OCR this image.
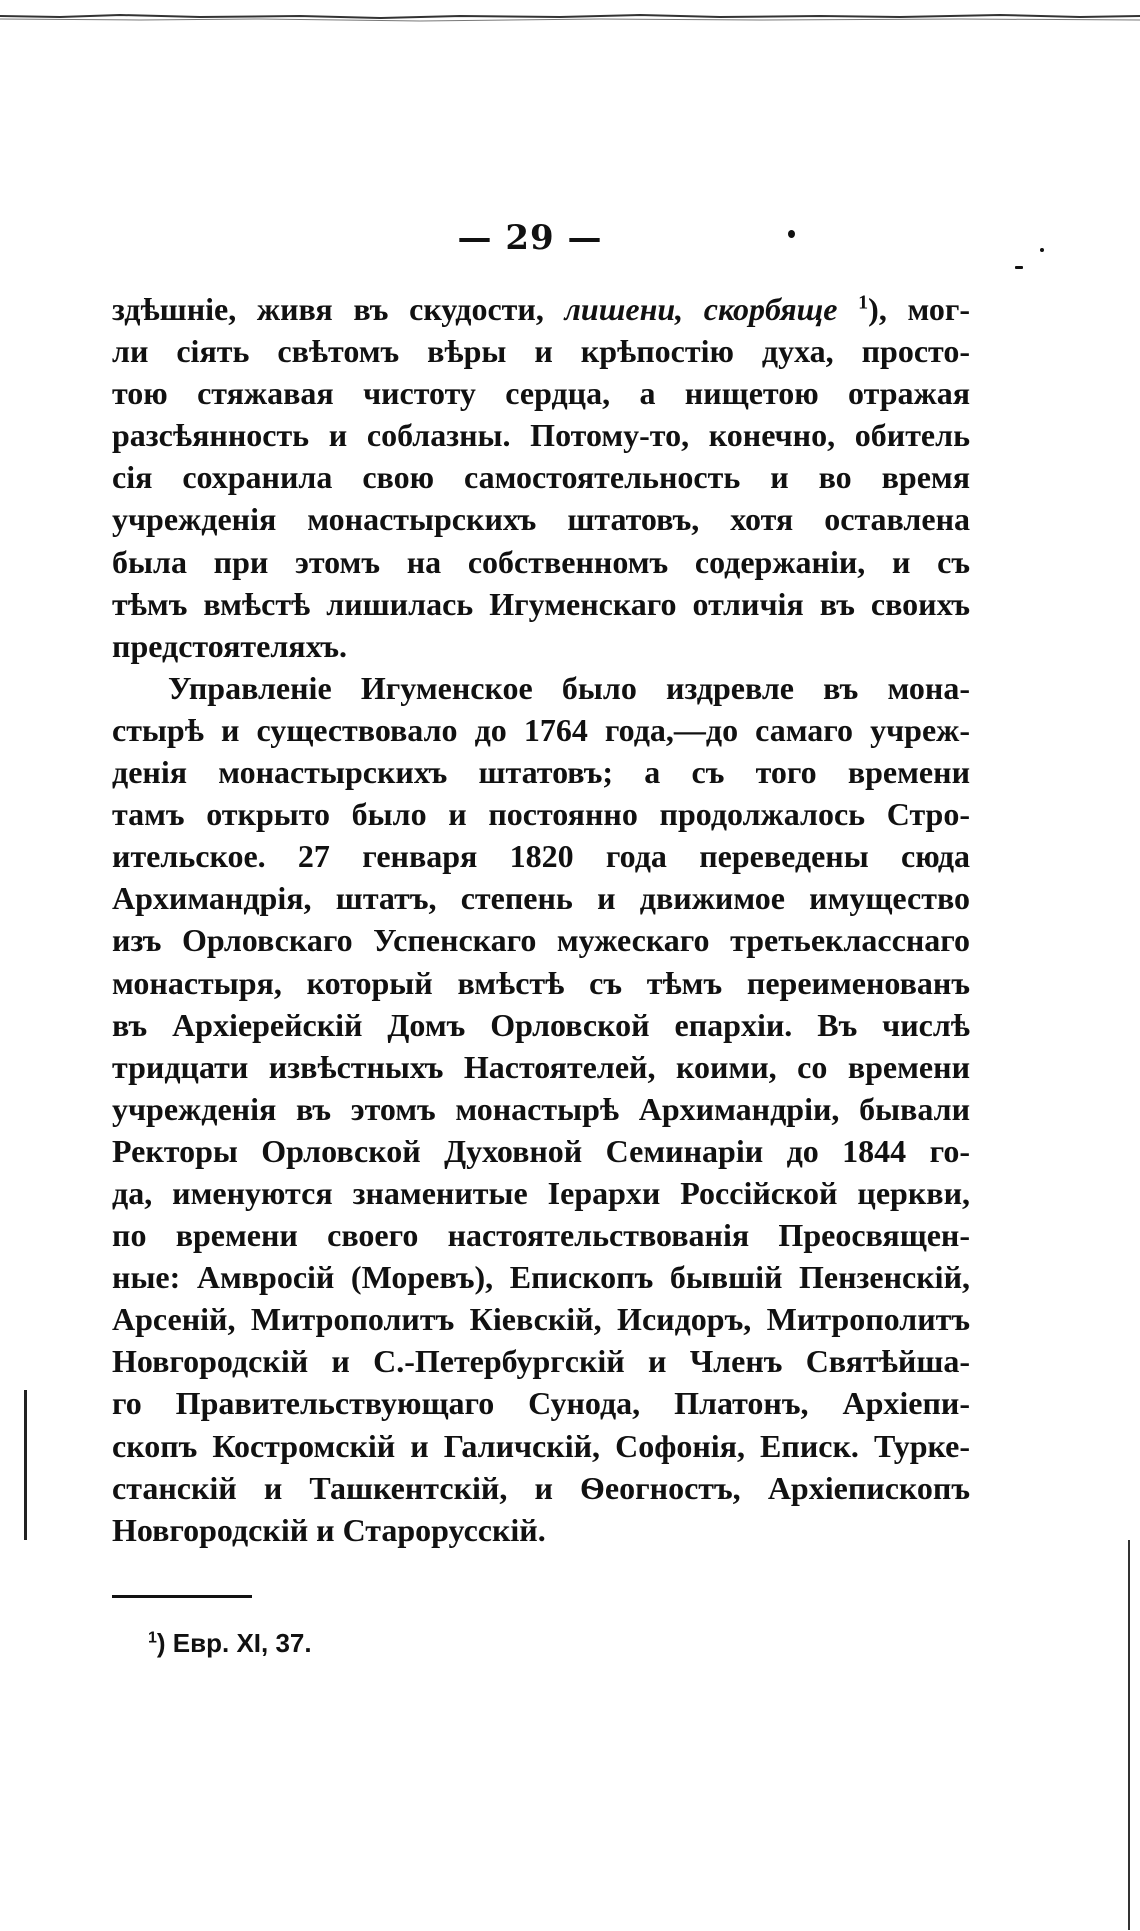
— 29 —

здѣшніе, живя въ скудости, лишени, скорбяще $^1$), мог-

ли сіять свѣтомъ вѣры и крѣпостію духа, просто-

тою стяжавая чистоту сердца, а нищетою отражая

разсѣянность и соблазны. Потому-то, конечно, обитель

сія сохранила свою самостоятельность и во время

учрежденія монастырскихъ штатовъ, хотя оставлена

была при этомъ на собственномъ содержаніи, и съ

тѣмъ вмѣстѣ лишилась Игуменскаго отличія въ своихъ

предстоятеляхъ.

Управленіе Игуменское было издревле въ мона-

стырѣ и существовало до 1764 года,—до самаго учреж-

денія монастырскихъ штатовъ; а съ того времени

тамъ открыто было и постоянно продолжалось Стро-

ительское. 27 генваря 1820 года переведены сюда

Архимандрія, штатъ, степень и движимое имущество

изъ Орловскаго Успенскаго мужескаго третьекласснаго

монастыря, который вмѣстѣ съ тѣмъ переименованъ

въ Архіерейскій Домъ Орловской епархіи. Въ числѣ

тридцати извѣстныхъ Настоятелей, коими, со времени

учрежденія въ этомъ монастырѣ Архимандріи, бывали

Ректоры Орловской Духовной Семинаріи до 1844 го-

да, именуются знаменитые Іерархи Россійской церкви,

по времени своего настоятельствованія Преосвящен-

ные: Амвросій (Моревъ), Епископъ бывшій Пензенскій,

Арсеній, Митрополитъ Кіевскій, Исидоръ, Митрополитъ

Новгородскій и С.-Петербургскій и Членъ Святѣйша-

го Правительствующаго Сунода, Платонъ, Архіепи-

скопъ Костромскій и Галичскій, Софонія, Еписк. Турке-

станскій и Ташкентскій, и Ѳеогностъ, Архіепископъ

Новгородскій и Старорусскій.

$^1$) Евр. XI, 37.
